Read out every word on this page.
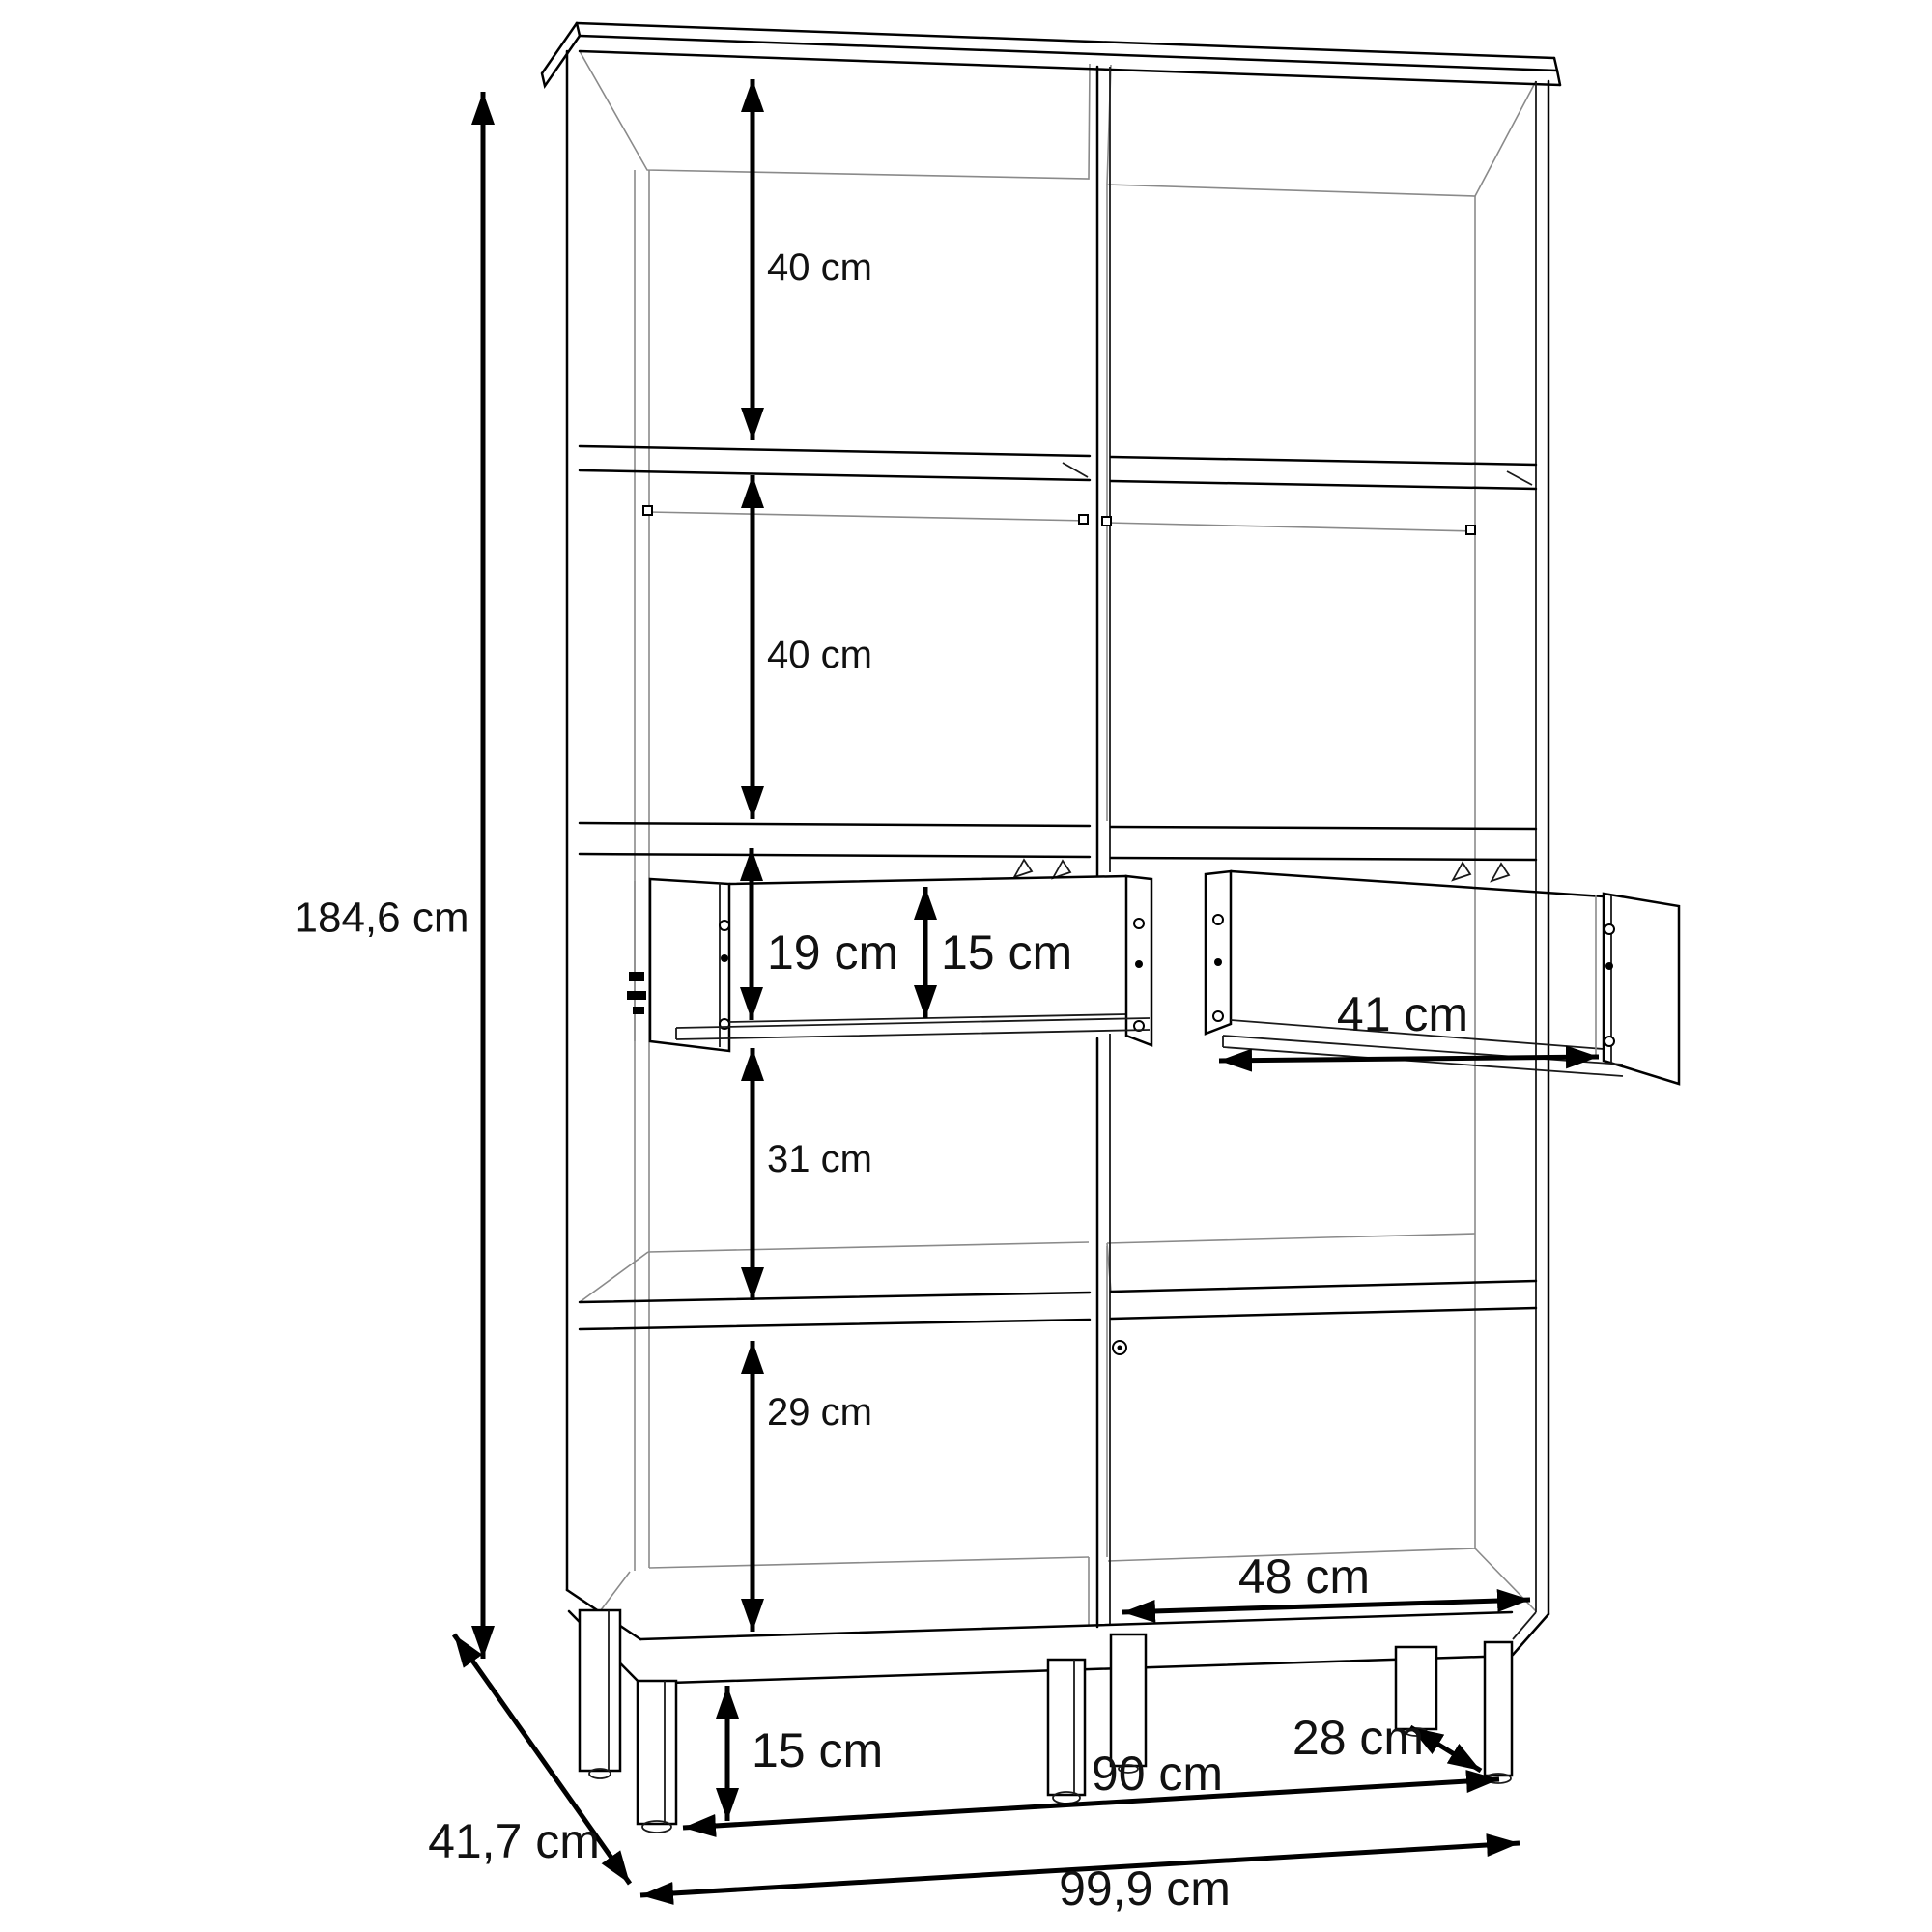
184,6 cm
40 cm
40 cm
19 cm 15 cm
41 cm
31 cm
29 cm
48 cm
15 cm	90 cm
28 cm
99,9 cm
41,7 cm
